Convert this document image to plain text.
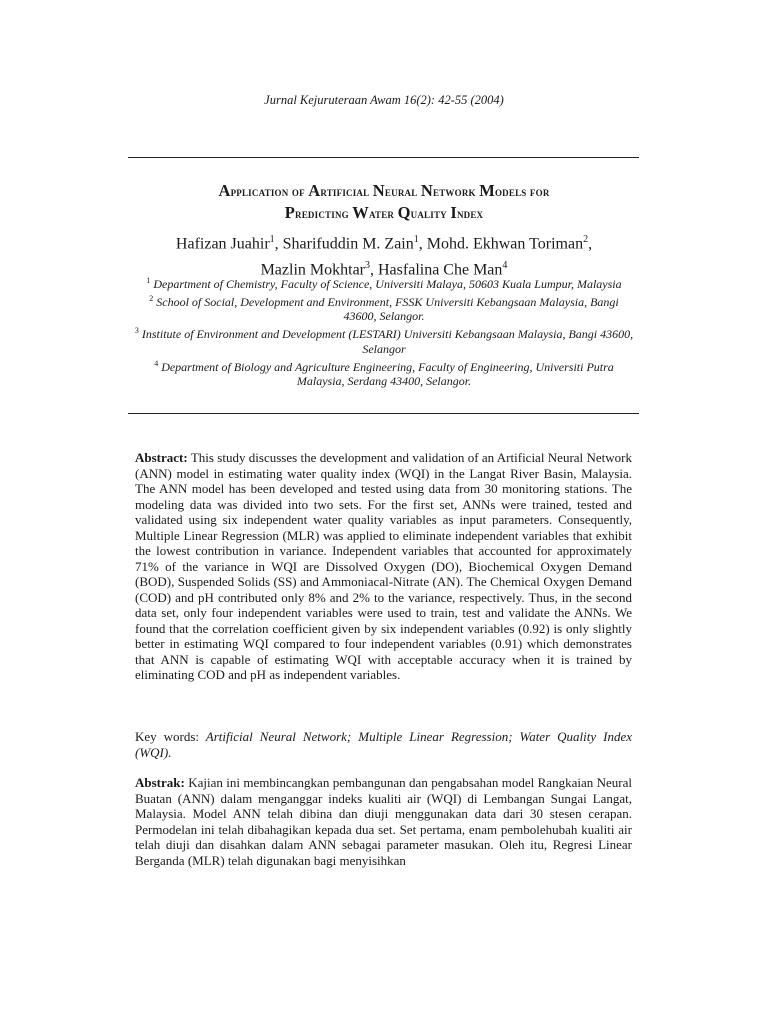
Jurnal Kejuruteraan Awam 16(2): 42-55 (2004)
Application of Artificial Neural Network Models for
Predicting Water Quality Index
Hafizan Juahir$^1$, Sharifuddin M. Zain$^1$, Mohd. Ekhwan Toriman$^2$,
Mazlin Mokhtar$^3$, Hasfalina Che Man$^4$
$^1$ Department of Chemistry, Faculty of Science, Universiti Malaya, 50603 Kuala Lumpur, Malaysia
$^2$ School of Social, Development and Environment, FSSK Universiti Kebangsaan Malaysia, Bangi 43600, Selangor.
$^3$ Institute of Environment and Development (LESTARI) Universiti Kebangsaan Malaysia, Bangi 43600, Selangor
$^4$ Department of Biology and Agriculture Engineering, Faculty of Engineering, Universiti Putra Malaysia, Serdang 43400, Selangor.
Abstract: This study discusses the development and validation of an Artificial Neural Network (ANN) model in estimating water quality index (WQI) in the Langat River Basin, Malaysia. The ANN model has been developed and tested using data from 30 monitoring stations. The modeling data was divided into two sets. For the first set, ANNs were trained, tested and validated using six independent water quality variables as input parameters. Consequently, Multiple Linear Regression (MLR) was applied to eliminate independent variables that exhibit the lowest contribution in variance. Independent variables that accounted for approximately 71% of the variance in WQI are Dissolved Oxygen (DO), Biochemical Oxygen Demand (BOD), Suspended Solids (SS) and Ammoniacal-Nitrate (AN). The Chemical Oxygen Demand (COD) and pH contributed only 8% and 2% to the variance, respectively. Thus, in the second data set, only four independent variables were used to train, test and validate the ANNs. We found that the correlation coefficient given by six independent variables (0.92) is only slightly better in estimating WQI compared to four independent variables (0.91) which demonstrates that ANN is capable of estimating WQI with acceptable accuracy when it is trained by eliminating COD and pH as independent variables.
Key words: Artificial Neural Network; Multiple Linear Regression; Water Quality Index (WQI).
Abstrak: Kajian ini membincangkan pembangunan dan pengabsahan model Rangkaian Neural Buatan (ANN) dalam menganggar indeks kualiti air (WQI) di Lembangan Sungai Langat, Malaysia. Model ANN telah dibina dan diuji menggunakan data dari 30 stesen cerapan. Permodelan ini telah dibahagikan kepada dua set. Set pertama, enam pembolehubah kualiti air telah diuji dan disahkan dalam ANN sebagai parameter masukan. Oleh itu, Regresi Linear Berganda (MLR) telah digunakan bagi menyisihkan
